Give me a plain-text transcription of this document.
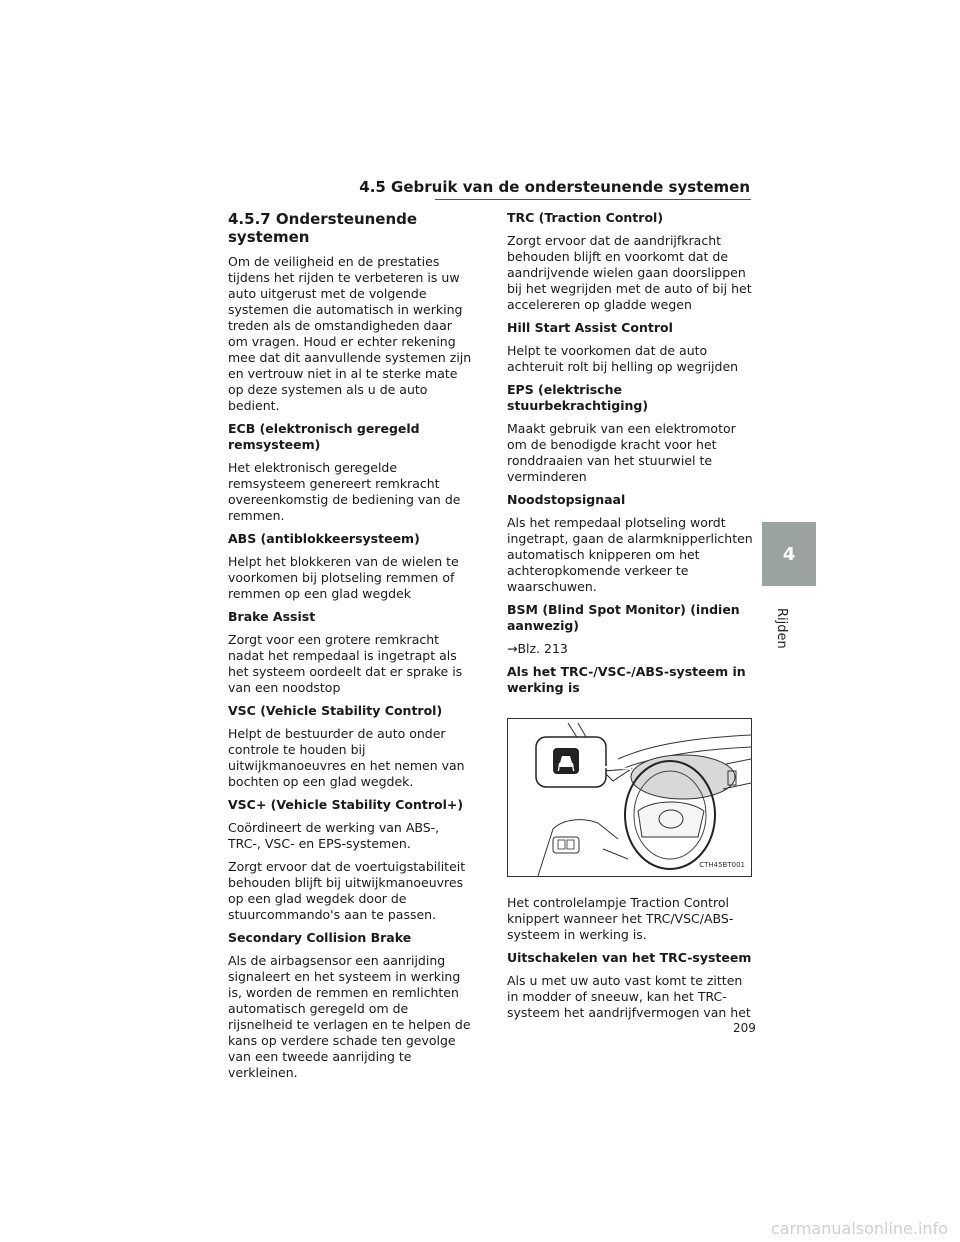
4.5 Gebruik van de ondersteunende systemen
4
Rijden
4.5.7 Ondersteunende systemen

Om de veiligheid en de prestaties tijdens het rijden te verbeteren is uw auto uitgerust met de volgende systemen die automatisch in werking treden als de omstandigheden daar om vragen. Houd er echter rekening mee dat dit aanvullende systemen zijn en vertrouw niet in al te sterke mate op deze systemen als u de auto bedient.

ECB (elektronisch geregeld remsysteem)

Het elektronisch geregelde remsysteem genereert remkracht overeenkomstig de bediening van de remmen.

ABS (antiblokkeersysteem)

Helpt het blokkeren van de wielen te voorkomen bij plotseling remmen of remmen op een glad wegdek

Brake Assist

Zorgt voor een grotere remkracht nadat het rempedaal is ingetrapt als het systeem oordeelt dat er sprake is van een noodstop

VSC (Vehicle Stability Control)

Helpt de bestuurder de auto onder controle te houden bij uitwijkmanoeuvres en het nemen van bochten op een glad wegdek.

VSC+ (Vehicle Stability Control+)

Coördineert de werking van ABS-, TRC-, VSC- en EPS-systemen.

Zorgt ervoor dat de voertuigstabiliteit behouden blijft bij uitwijkmanoeuvres op een glad wegdek door de stuurcommando's aan te passen.

Secondary Collision Brake

Als de airbagsensor een aanrijding signaleert en het systeem in werking is, worden de remmen en remlichten automatisch geregeld om de rijsnelheid te verlagen en te helpen de kans op verdere schade ten gevolge van een tweede aanrijding te verkleinen.

TRC (Traction Control)

Zorgt ervoor dat de aandrijfkracht behouden blijft en voorkomt dat de aandrijvende wielen gaan doorslippen bij het wegrijden met de auto of bij het accelereren op gladde wegen

Hill Start Assist Control

Helpt te voorkomen dat de auto achteruit rolt bij helling op wegrijden

EPS (elektrische stuurbekrachtiging)

Maakt gebruik van een elektromotor om de benodigde kracht voor het ronddraaien van het stuurwiel te verminderen

Noodstopsignaal

Als het rempedaal plotseling wordt ingetrapt, gaan de alarmknipperlichten automatisch knipperen om het achteropkomende verkeer te waarschuwen.

BSM (Blind Spot Monitor) (indien aanwezig)

→Blz. 213

Als het TRC-/VSC-/ABS-systeem in werking is

CTH45BT001

Het controlelampje Traction Control knippert wanneer het TRC/VSC/ABS-systeem in werking is.

Uitschakelen van het TRC-systeem

Als u met uw auto vast komt te zitten in modder of sneeuw, kan het TRC-systeem het aandrijfvermogen van het

209
carmanualsonline.info
